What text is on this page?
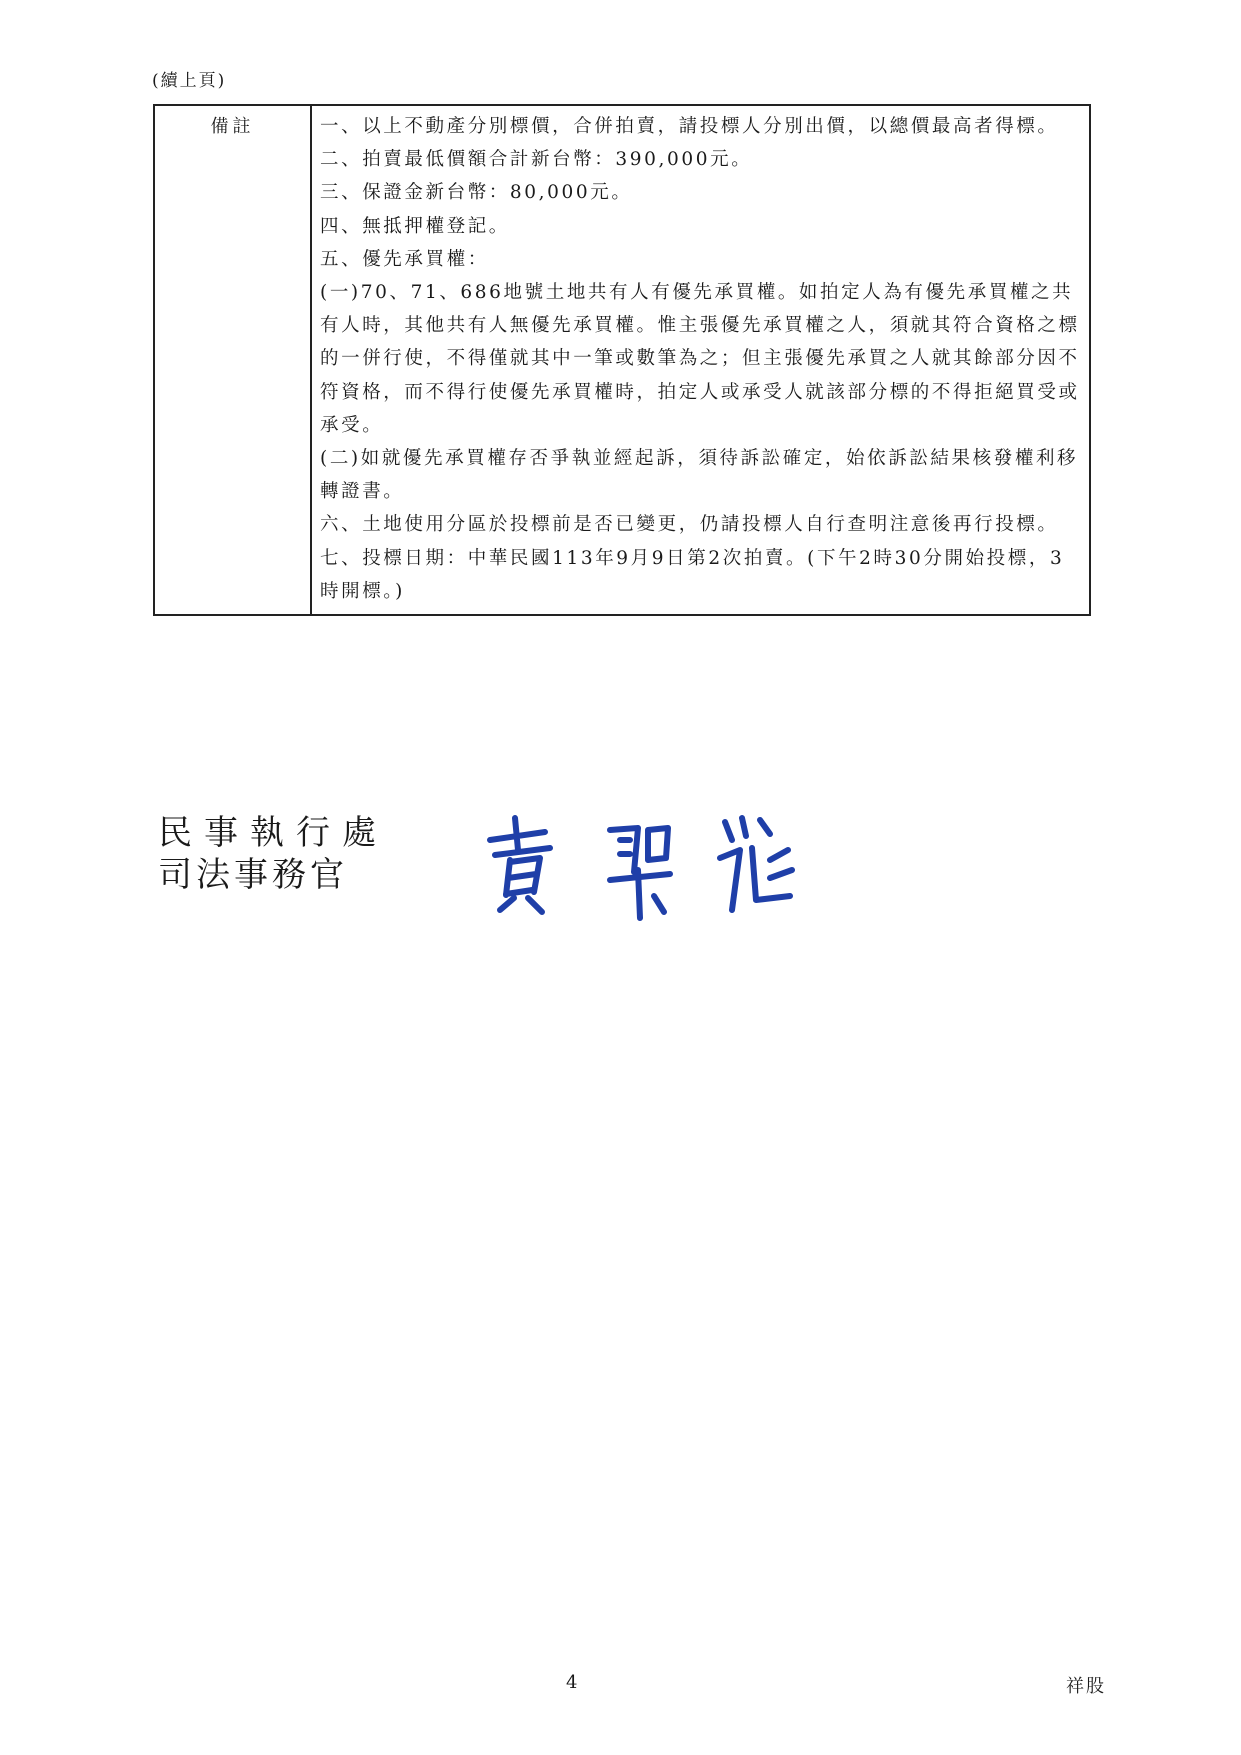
(續上頁)
備註	一、以上不動產分別標價，合併拍賣，請投標人分別出價，以總價最高者得標。

二、拍賣最低價額合計新台幣：390,000元。

三、保證金新台幣：80,000元。

四、無抵押權登記。

五、優先承買權：

(一)70、71、686地號土地共有人有優先承買權。如拍定人為有優先承買權之共有人時，其他共有人無優先承買權。惟主張優先承買權之人，須就其符合資格之標的一併行使，不得僅就其中一筆或數筆為之；但主張優先承買之人就其餘部分因不符資格，而不得行使優先承買權時，拍定人或承受人就該部分標的不得拒絕買受或承受。

(二)如就優先承買權存否爭執並經起訴，須待訴訟確定，始依訴訟結果核發權利移轉證書。

六、土地使用分區於投標前是否已變更，仍請投標人自行查明注意後再行投標。

七、投標日期：中華民國113年9月9日第2次拍賣。(下午2時30分開始投標，3時開標。)

民事執行處
司法事務官
4	祥股
